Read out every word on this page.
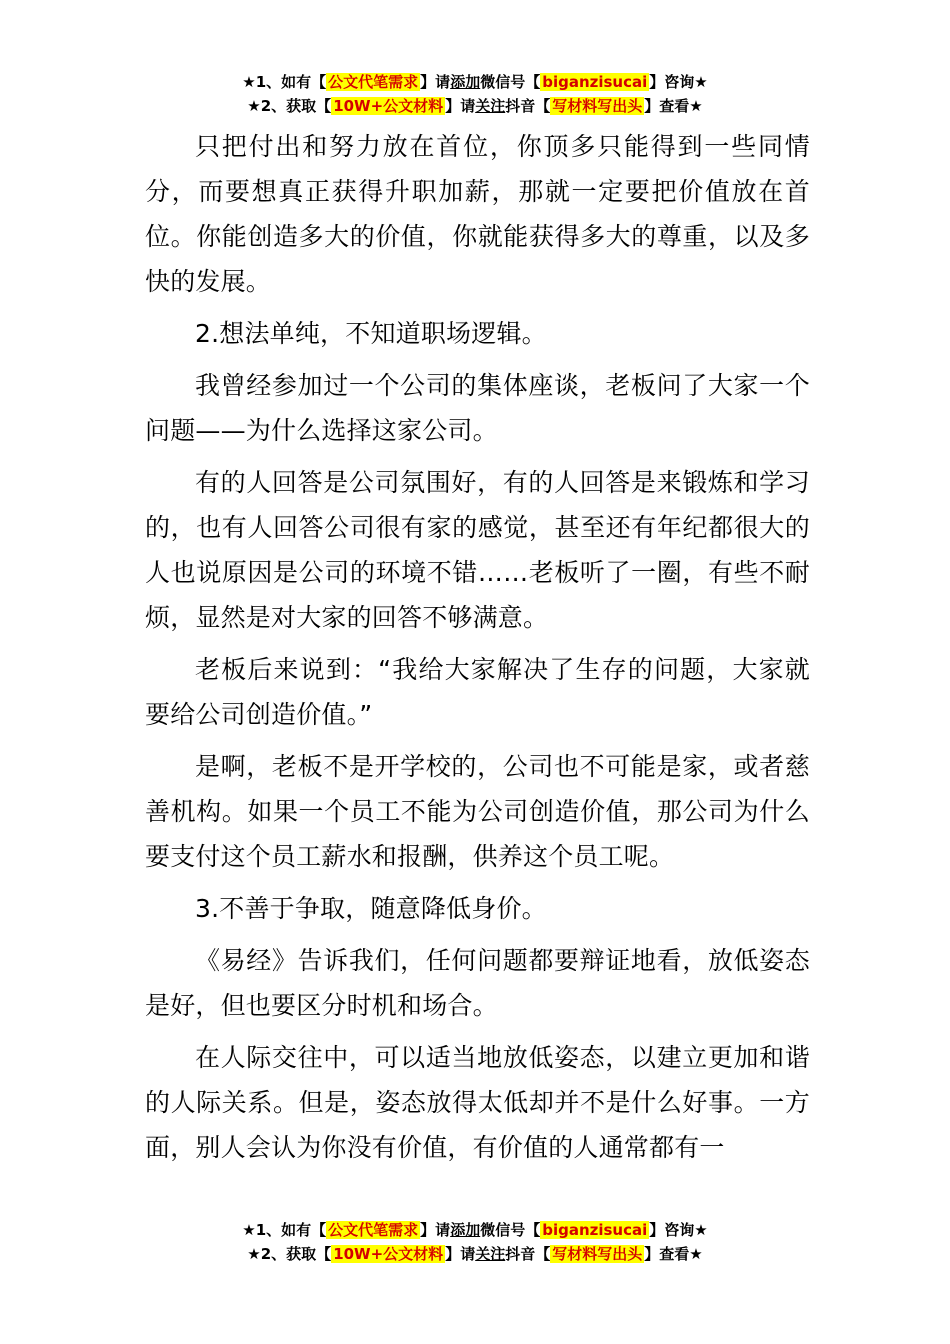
★1、如有【 公文代笔需求 】请添加微信号【 biganzisucai 】咨询★
★2、获取【 10W+公文材料 】请关注抖音【 写材料写出头 】查看★

只把付出和努力放在首位，你顶多只能得到一些同情分，而要想真正获得升职加薪，那就一定要把价值放在首位。你能创造多大的价值，你就能获得多大的尊重，以及多快的发展。

2.想法单纯，不知道职场逻辑。

我曾经参加过一个公司的集体座谈，老板问了大家一个问题——为什么选择这家公司。

有的人回答是公司氛围好，有的人回答是来锻炼和学习的，也有人回答公司很有家的感觉，甚至还有年纪都很大的人也说原因是公司的环境不错……老板听了一圈，有些不耐烦，显然是对大家的回答不够满意。

老板后来说到：“我给大家解决了生存的问题，大家就要给公司创造价值。”

是啊，老板不是开学校的，公司也不可能是家，或者慈善机构。如果一个员工不能为公司创造价值，那公司为什么要支付这个员工薪水和报酬，供养这个员工呢。

3.不善于争取，随意降低身价。

《易经》告诉我们，任何问题都要辩证地看，放低姿态是好，但也要区分时机和场合。

在人际交往中，可以适当地放低姿态，以建立更加和谐的人际关系。但是，姿态放得太低却并不是什么好事。一方面，别人会认为你没有价值，有价值的人通常都有一

★1、如有【 公文代笔需求 】请添加微信号【 biganzisucai 】咨询★
★2、获取【 10W+公文材料 】请关注抖音【 写材料写出头 】查看★
